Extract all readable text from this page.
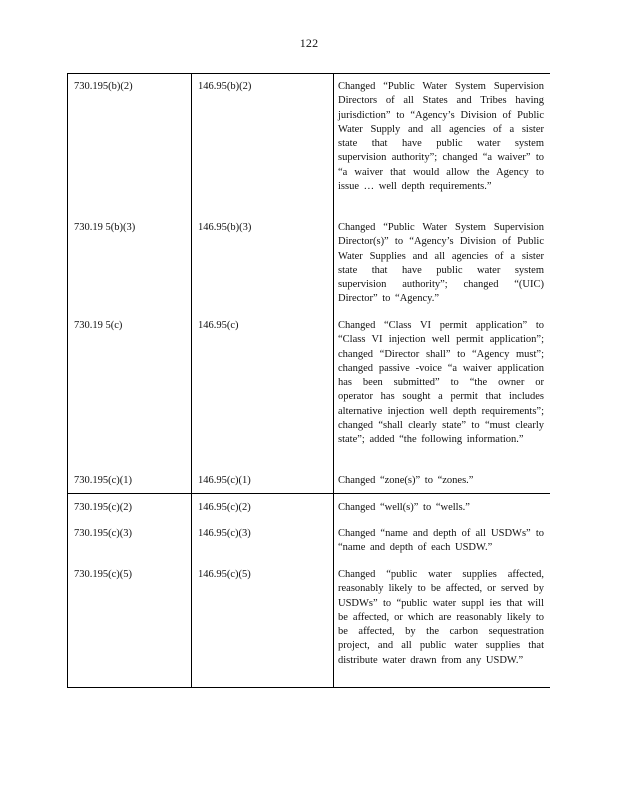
122
730.195(b)(2)	146.95(b)(2)	Changed “Public Water System Supervision Directors of all States and Tribes having jurisdiction” to “Agency’s Division of Public Water Supply and all agencies of a sister state that have public water system supervision authority”; changed “a waiver” to “a waiver that would allow the Agency to issue … well depth requirements.”
730.19 5(b)(3)	146.95(b)(3)	Changed “Public Water System Supervision Director(s)” to “Agency’s Division of Public Water Supplies and all agencies of a sister state that have public water system supervision authority”; changed “(UIC) Director” to “Agency.”
730.19 5(c)	146.95(c)	Changed “Class VI permit application” to “Class VI injection well permit application”; changed “Director shall” to “Agency must”; changed passive -voice “a waiver application has been submitted” to “the owner or operator has sought a permit that includes alternative injection well depth requirements”; changed “shall clearly state” to “must clearly state”; added “the following information.”
730.195(c)(1)	146.95(c)(1)	Changed “zone(s)” to “zones.”
730.195(c)(2)	146.95(c)(2)	Changed “well(s)” to “wells.”
730.195(c)(3)	146.95(c)(3)	Changed “name and depth of all USDWs” to “name and depth of each USDW.”
730.195(c)(5)	146.95(c)(5)	Changed “public water supplies affected, reasonably likely to be affected, or served by USDWs” to “public water suppl ies that will be affected, or which are reasonably likely to be affected, by the carbon sequestration project, and all public water supplies that distribute water drawn from any USDW.”
